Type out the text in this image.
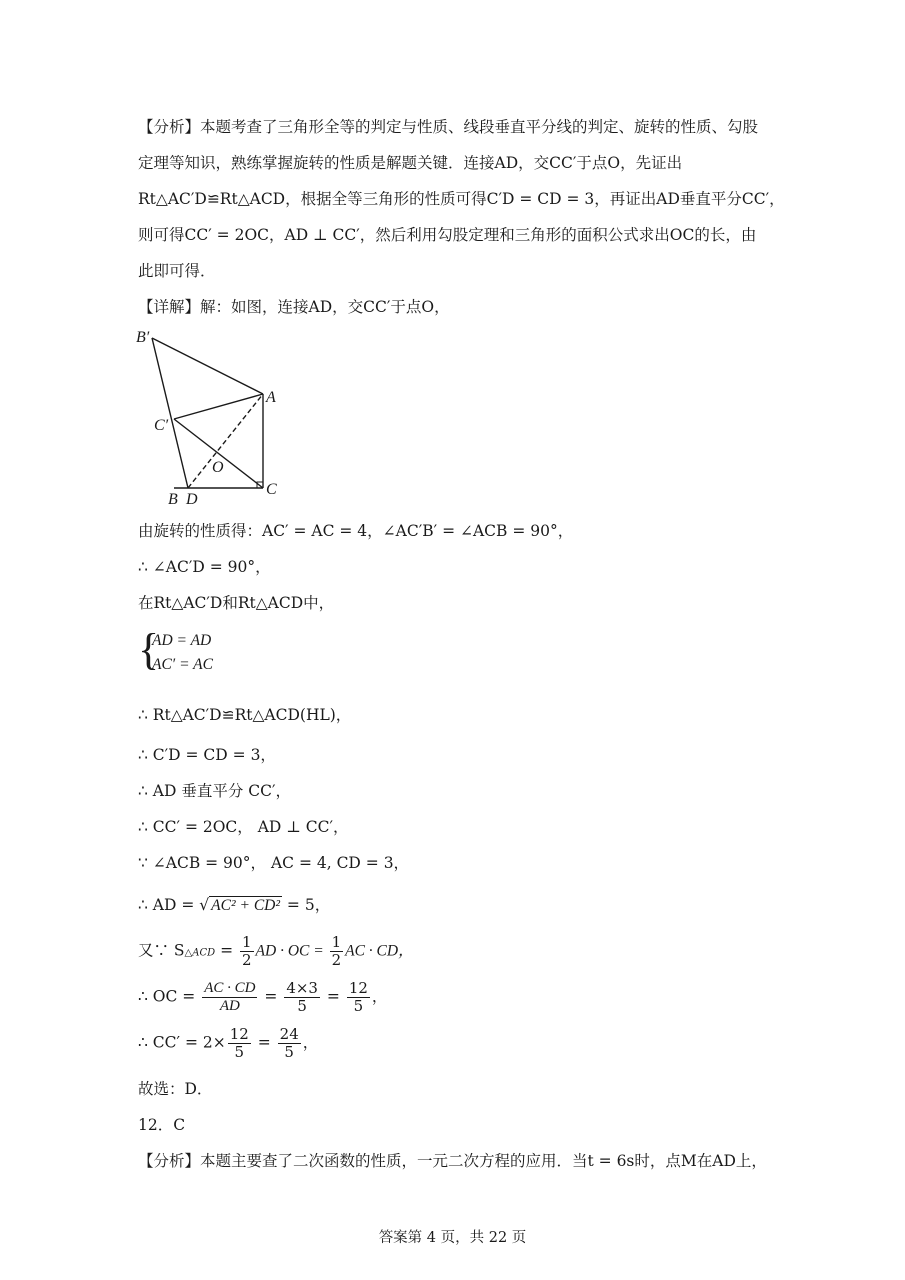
【分析】本题考查了三角形全等的判定与性质、线段垂直平分线的判定、旋转的性质、勾股
定理等知识，熟练掌握旋转的性质是解题关键．连接AD，交CC′于点O，先证出
Rt△AC′D≌Rt△ACD，根据全等三角形的性质可得C′D = CD = 3，再证出AD垂直平分CC′，
则可得CC′ = 2OC，AD ⊥ CC′，然后利用勾股定理和三角形的面积公式求出OC的长，由
此即可得．
【详解】解：如图，连接AD，交CC′于点O，
B′
A
C′
O
B D
C
由旋转的性质得：AC′ = AC = 4，∠AC′B′ = ∠ACB = 90°，
∴ ∠AC′D = 90°，
在Rt△AC′D和Rt△ACD中，
{
AD = AD
AC′ = AC
∴ Rt△AC′D≌Rt△ACD(HL)，
∴ C′D = CD = 3，
∴ AD 垂直平分 CC′，
∴ CC′ = 2OC， AD ⊥ CC′，
∵ ∠ACB = 90°， AC = 4, CD = 3，
∴ AD = √ AC² + CD² = 5，
又∵ S△ACD = $\frac{1}{2}$ AD · OC = $\frac{1}{2}$ AC · CD，
∴ OC = $\frac{AC \cdot CD}{AD} = \frac{4\times 3}{5} = \frac{12}{5}$ ，
∴ $CC' = 2\times \frac{12}{5} = \frac{24}{5}$ ，
故选：D．
12．C
【分析】本题主要查了二次函数的性质，一元二次方程的应用．当t = 6s时，点M在AD上，
答案第 4 页，共 22 页
